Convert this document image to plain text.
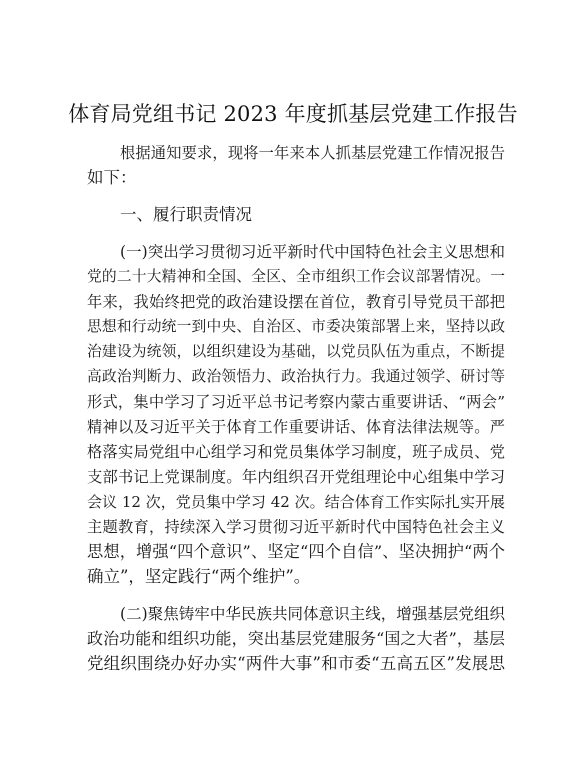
体育局党组书记 2023 年度抓基层党建工作报告
根据通知要求，现将一年来本人抓基层党建工作情况报告
如下：
一、履行职责情况
(一)突出学习贯彻习近平新时代中国特色社会主义思想和
党的二十大精神和全国、全区、全市组织工作会议部署情况。一
年来，我始终把党的政治建设摆在首位，教育引导党员干部把
思想和行动统一到中央、自治区、市委决策部署上来，坚持以政
治建设为统领，以组织建设为基础，以党员队伍为重点，不断提
高政治判断力、政治领悟力、政治执行力。我通过领学、研讨等
形式，集中学习了习近平总书记考察内蒙古重要讲话、“两会”
精神以及习近平关于体育工作重要讲话、体育法律法规等。严
格落实局党组中心组学习和党员集体学习制度，班子成员、党
支部书记上党课制度。年内组织召开党组理论中心组集中学习
会议 12 次，党员集中学习 42 次。结合体育工作实际扎实开展
主题教育，持续深入学习贯彻习近平新时代中国特色社会主义
思想，增强“四个意识”、坚定“四个自信”、坚决拥护“两个
确立”，坚定践行“两个维护”。
(二)聚焦铸牢中华民族共同体意识主线，增强基层党组织
政治功能和组织功能，突出基层党建服务“国之大者”，基层
党组织围绕办好办实“两件大事”和市委“五高五区”发展思
